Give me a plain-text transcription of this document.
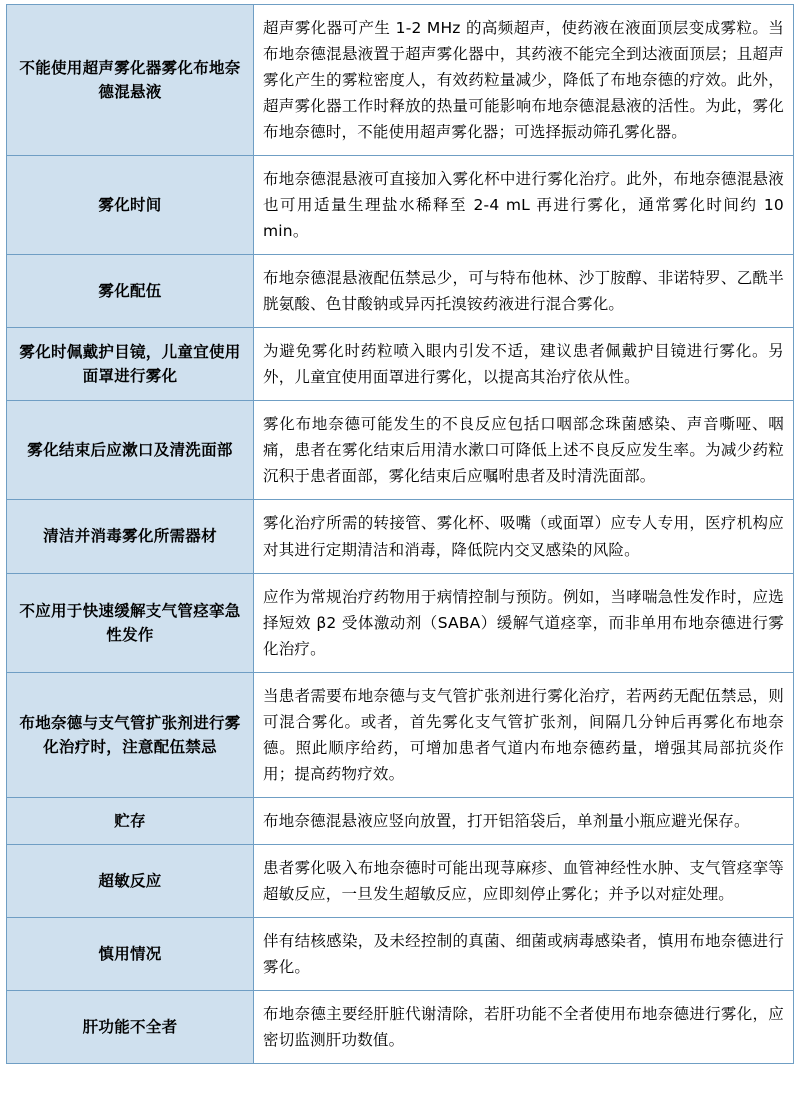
不能使用超声雾化器雾化布地奈德混悬液	超声雾化器可产生 1-2 MHz 的高频超声，使药液在液面顶层变成雾粒。当布地奈德混悬液置于超声雾化器中，其药液不能完全到达液面顶层；且超声雾化产生的雾粒密度人，有效药粒量减少，降低了布地奈德的疗效。此外，超声雾化器工作时释放的热量可能影响布地奈德混悬液的活性。为此，雾化布地奈德时，不能使用超声雾化器；可选择振动筛孔雾化器。
雾化时间	布地奈德混悬液可直接加入雾化杯中进行雾化治疗。此外，布地奈德混悬液也可用适量生理盐水稀释至 2-4 mL 再进行雾化，通常雾化时间约 10 min。
雾化配伍	布地奈德混悬液配伍禁忌少，可与特布他林、沙丁胺醇、非诺特罗、乙酰半胱氨酸、色甘酸钠或异丙托溴铵药液进行混合雾化。
雾化时佩戴护目镜，儿童宜使用面罩进行雾化	为避免雾化时药粒喷入眼内引发不适，建议患者佩戴护目镜进行雾化。另外，儿童宜使用面罩进行雾化，以提高其治疗依从性。
雾化结束后应漱口及清洗面部	雾化布地奈德可能发生的不良反应包括口咽部念珠菌感染、声音嘶哑、咽痛，患者在雾化结束后用清水漱口可降低上述不良反应发生率。为减少药粒沉积于患者面部，雾化结束后应嘱咐患者及时清洗面部。
清洁并消毒雾化所需器材	雾化治疗所需的转接管、雾化杯、吸嘴（或面罩）应专人专用，医疗机构应对其进行定期清洁和消毒，降低院内交叉感染的风险。
不应用于快速缓解支气管痉挛急性发作	应作为常规治疗药物用于病情控制与预防。例如，当哮喘急性发作时，应选择短效 β2 受体激动剂（SABA）缓解气道痉挛，而非单用布地奈德进行雾化治疗。
布地奈德与支气管扩张剂进行雾化治疗时，注意配伍禁忌	当患者需要布地奈德与支气管扩张剂进行雾化治疗，若两药无配伍禁忌，则可混合雾化。或者，首先雾化支气管扩张剂，间隔几分钟后再雾化布地奈德。照此顺序给药，可增加患者气道内布地奈德药量，增强其局部抗炎作用；提高药物疗效。
贮存	布地奈德混悬液应竖向放置，打开铝箔袋后，单剂量小瓶应避光保存。
超敏反应	患者雾化吸入布地奈德时可能出现荨麻疹、血管神经性水肿、支气管痉挛等超敏反应，一旦发生超敏反应，应即刻停止雾化；并予以对症处理。
慎用情况	伴有结核感染，及未经控制的真菌、细菌或病毒感染者，慎用布地奈德进行雾化。
肝功能不全者	布地奈德主要经肝脏代谢清除，若肝功能不全者使用布地奈德进行雾化，应密切监测肝功数值。
